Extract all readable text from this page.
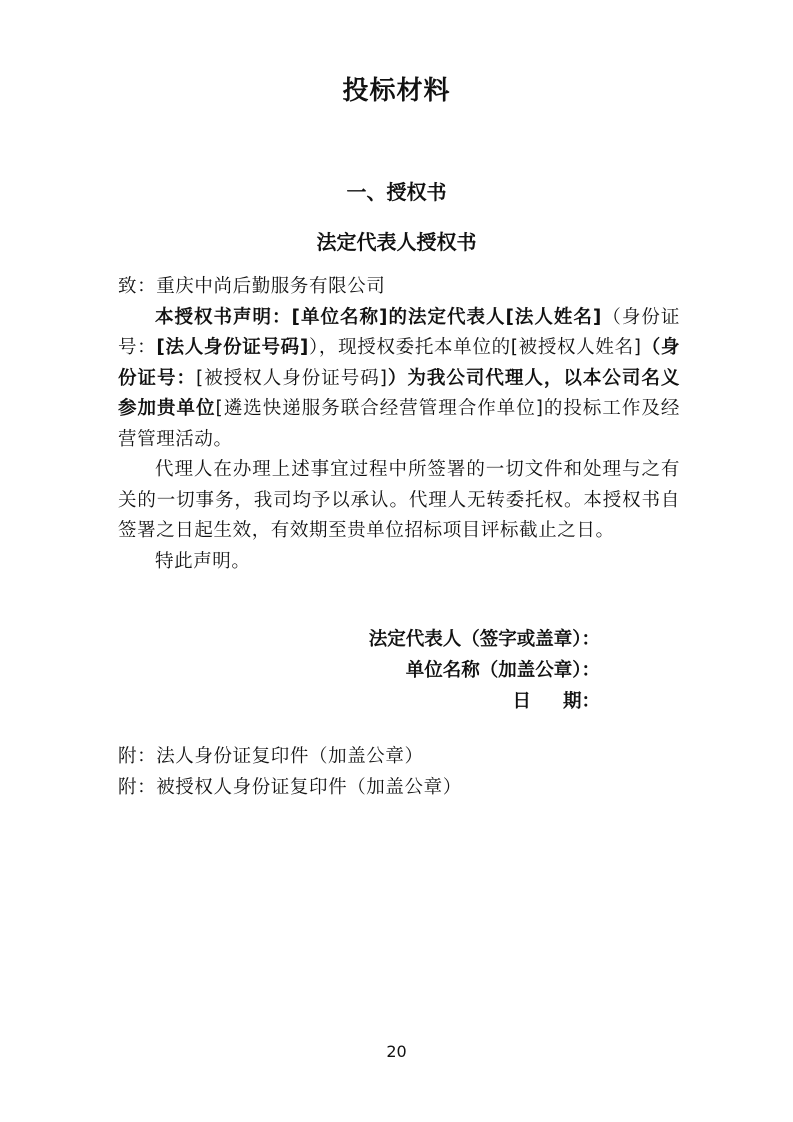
投标材料
一、授权书
法定代表人授权书

致：重庆中尚后勤服务有限公司

本授权书声明：[单位名称]的法定代表人[法人姓名]（身份证号：[法人身份证号码]），现授权委托本单位的[被授权人姓名]（身份证号：[被授权人身份证号码]）为我公司代理人，以本公司名义参加贵单位[遴选快递服务联合经营管理合作单位]的投标工作及经营管理活动。

代理人在办理上述事宜过程中所签署的一切文件和处理与之有关的一切事务，我司均予以承认。代理人无转委托权。本授权书自签署之日起生效，有效期至贵单位招标项目评标截止之日。

特此声明。

法定代表人（签字或盖章）：
单位名称（加盖公章）：
日 期：
附：法人身份证复印件（加盖公章）
附：被授权人身份证复印件（加盖公章）
20
